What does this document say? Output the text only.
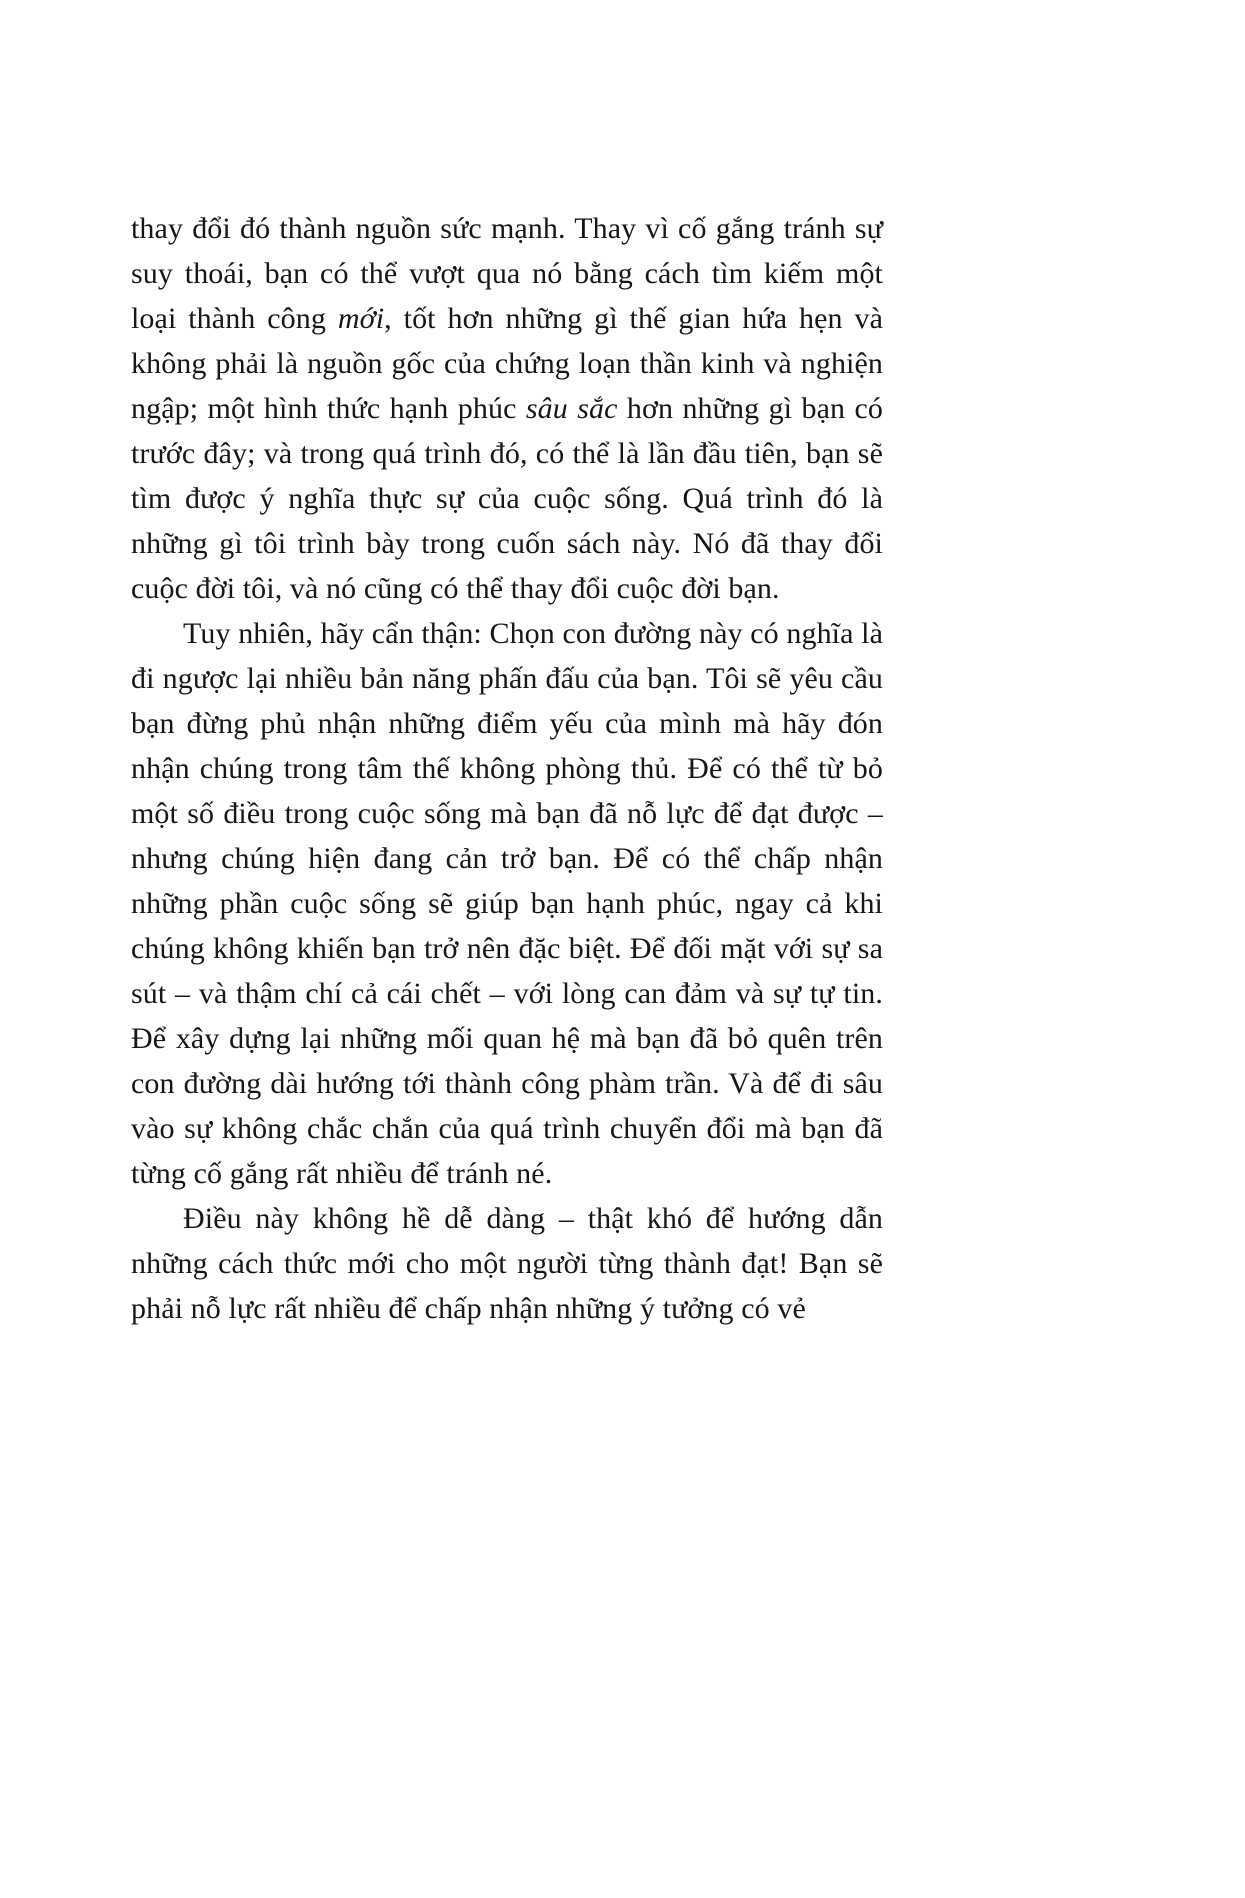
thay đổi đó thành nguồn sức mạnh. Thay vì cố gắng tránh sự suy thoái, bạn có thể vượt qua nó bằng cách tìm kiếm một loại thành công mới, tốt hơn những gì thế gian hứa hẹn và không phải là nguồn gốc của chứng loạn thần kinh và nghiện ngập; một hình thức hạnh phúc sâu sắc hơn những gì bạn có trước đây; và trong quá trình đó, có thể là lần đầu tiên, bạn sẽ tìm được ý nghĩa thực sự của cuộc sống. Quá trình đó là những gì tôi trình bày trong cuốn sách này. Nó đã thay đổi cuộc đời tôi, và nó cũng có thể thay đổi cuộc đời bạn.

Tuy nhiên, hãy cẩn thận: Chọn con đường này có nghĩa là đi ngược lại nhiều bản năng phấn đấu của bạn. Tôi sẽ yêu cầu bạn đừng phủ nhận những điểm yếu của mình mà hãy đón nhận chúng trong tâm thế không phòng thủ. Để có thể từ bỏ một số điều trong cuộc sống mà bạn đã nỗ lực để đạt được – nhưng chúng hiện đang cản trở bạn. Để có thể chấp nhận những phần cuộc sống sẽ giúp bạn hạnh phúc, ngay cả khi chúng không khiến bạn trở nên đặc biệt. Để đối mặt với sự sa sút – và thậm chí cả cái chết – với lòng can đảm và sự tự tin. Để xây dựng lại những mối quan hệ mà bạn đã bỏ quên trên con đường dài hướng tới thành công phàm trần. Và để đi sâu vào sự không chắc chắn của quá trình chuyển đổi mà bạn đã từng cố gắng rất nhiều để tránh né.

Điều này không hề dễ dàng – thật khó để hướng dẫn những cách thức mới cho một người từng thành đạt! Bạn sẽ phải nỗ lực rất nhiều để chấp nhận những ý tưởng có vẻ
